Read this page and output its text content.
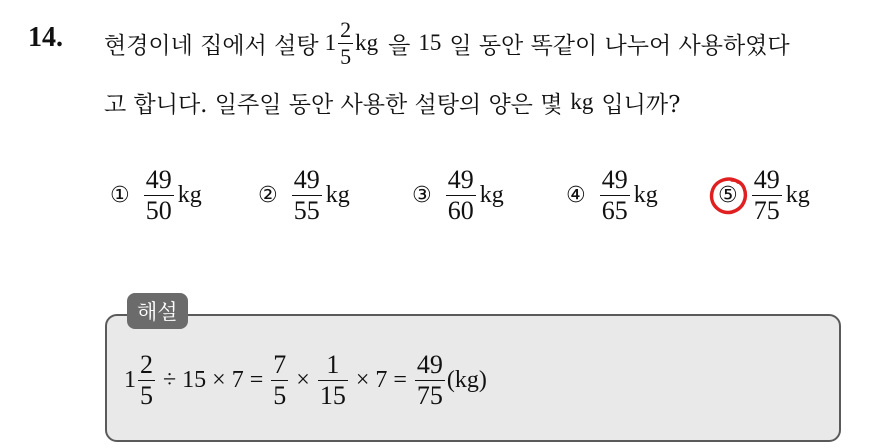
14. 현경이네 집에서 설탕 $1 \frac{2}{5}$ kg 을 15 일 동안 똑같이 나누어 사용하였다
고 합니다. 일주일 동안 사용한 설탕의 양은 몇 kg 입니까?
① $\frac{49}{50}$ kg	② $\frac{49}{55}$ kg	③ $\frac{49}{60}$ kg	④ $\frac{49}{65}$ kg	⑤ $\frac{49}{75}$ kg
해설
$1 \frac{2}{5} \div 15 \times 7 = \frac{7}{5} \times \frac{1}{15} \times 7 = \frac{49}{75} (kg)$
